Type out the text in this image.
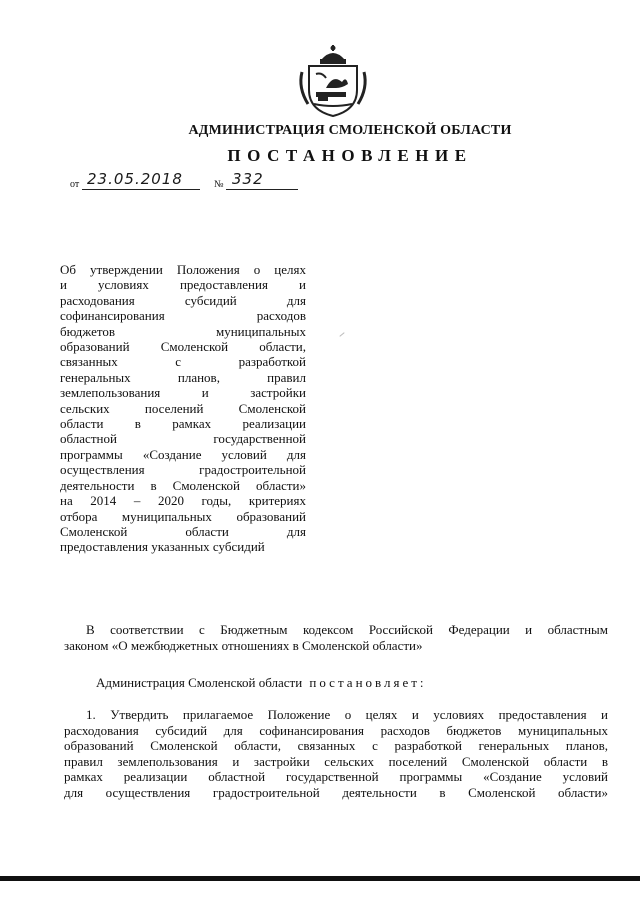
АДМИНИСТРАЦИЯ СМОЛЕНСКОЙ ОБЛАСТИ
ПОСТАНОВЛЕНИЕ
от 23.05.2018	№ 332
Об утверждении Положения о целях
и условиях предоставления и
расходования субсидий для
софинансирования расходов
бюджетов муниципальных
образований Смоленской области,
связанных с разработкой
генеральных планов, правил
землепользования и застройки
сельских поселений Смоленской
области в рамках реализации
областной государственной
программы «Создание условий для
осуществления градостроительной
деятельности в Смоленской области»
на 2014 – 2020 годы, критериях
отбора муниципальных образований
Смоленской области для
предоставления указанных субсидий
В соответствии с Бюджетным кодексом Российской Федерации и областным
законом «О межбюджетных отношениях в Смоленской области»
Администрация Смоленской области постановляет:
1. Утвердить прилагаемое Положение о целях и условиях предоставления и
расходования субсидий для софинансирования расходов бюджетов муниципальных
образований Смоленской области, связанных с разработкой генеральных планов,
правил землепользования и застройки сельских поселений Смоленской области в
рамках реализации областной государственной программы «Создание условий
для осуществления градостроительной деятельности в Смоленской области»
